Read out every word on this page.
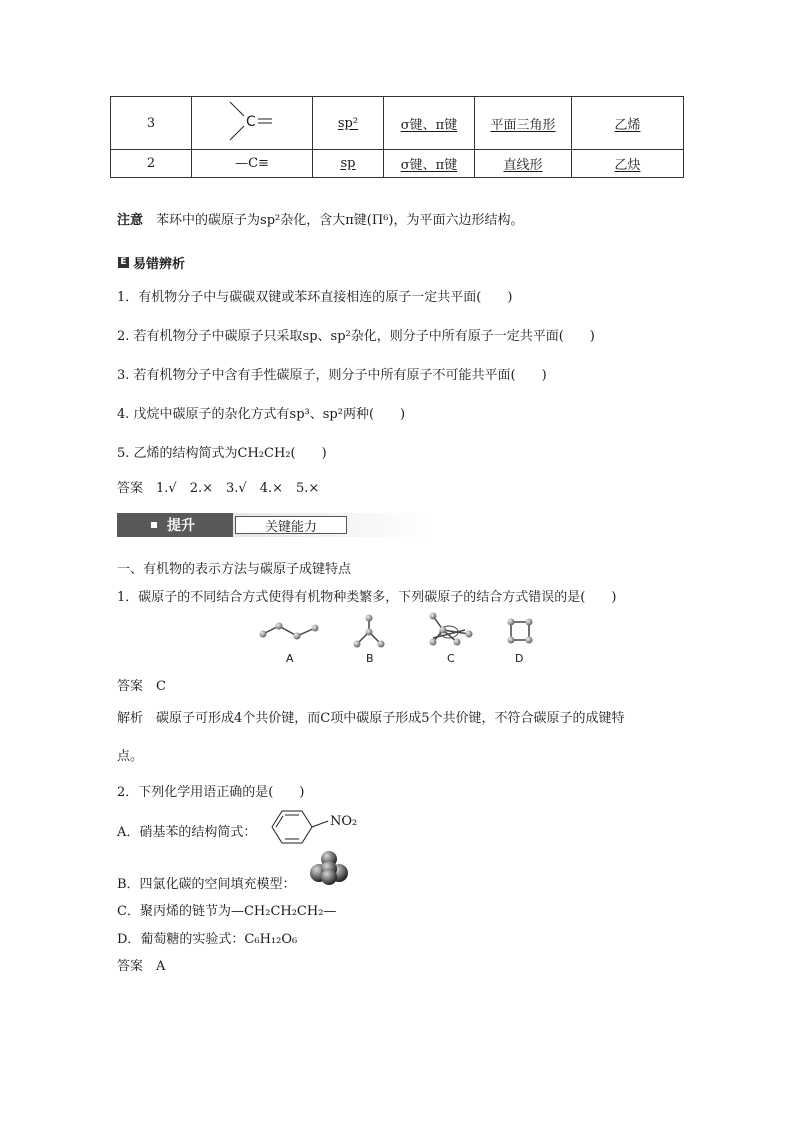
3	C	sp²	σ键、π键	平面三角形	乙烯
2	—C≡	sp	σ键、π键	直线形	乙炔
注意　 苯环中的碳原子为sp²杂化，含大π键(Π⁶)，为平面六边形结构。
E 易错辨析
1．有机物分子中与碳碳双键或苯环直接相连的原子一定共平面(　　)
2. 若有机物分子中碳原子只采取sp、sp²杂化，则分子中所有原子一定共平面(　　)
3. 若有机物分子中含有手性碳原子，则分子中所有原子不可能共平面(　　)
4. 戊烷中碳原子的杂化方式有sp³、sp²两种(　　)
5. 乙烯的结构简式为CH₂CH₂(　　)
答案　 1.√　2.×　3.√　4.×　5.×
提升	关键能力
一、有机物的表示方法与碳原子成键特点
1．碳原子的不同结合方式使得有机物种类繁多，下列碳原子的结合方式错误的是(　　)
A	B	C	D
答案　 C
解析　 碳原子可形成4个共价键，而C项中碳原子形成5个共价键，不符合碳原子的成键特
点。
2．下列化学用语正确的是(　　)
A．硝基苯的结构简式：
NO₂
B．四氯化碳的空间填充模型：
C．聚丙烯的链节为—CH₂CH₂CH₂—
D．葡萄糖的实验式：C₆H₁₂O₆
答案　 A
